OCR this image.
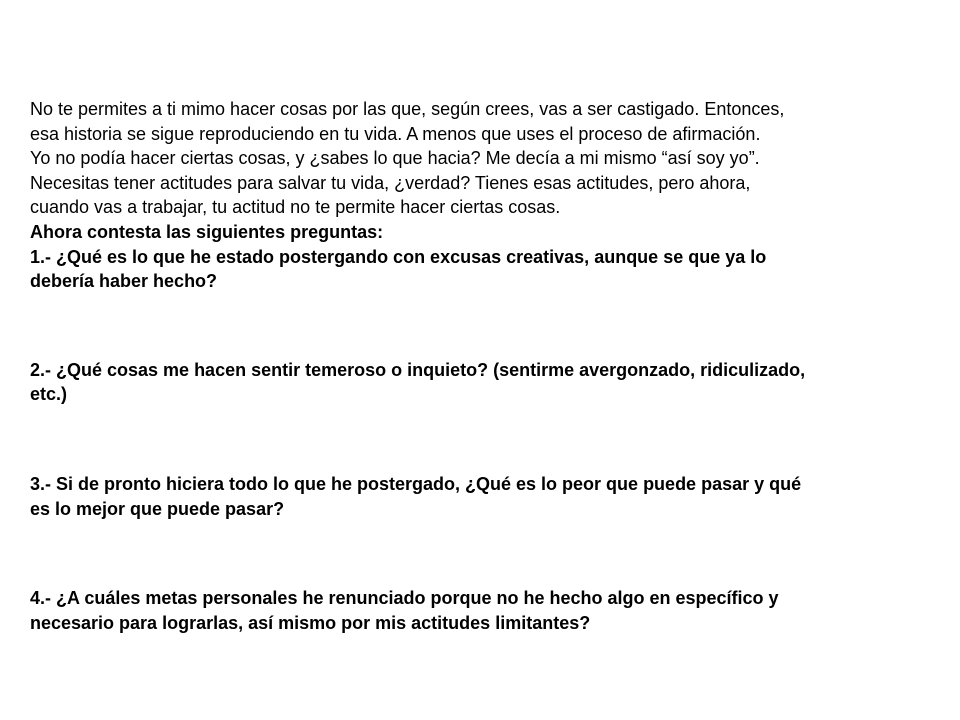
No te permites a ti mimo hacer cosas por las que, según crees, vas a ser castigado. Entonces,
esa historia se sigue reproduciendo en tu vida. A menos que uses el proceso de afirmación.
Yo no podía hacer ciertas cosas, y ¿sabes lo que hacia? Me decía a mi mismo “así soy yo”.
Necesitas tener actitudes para salvar tu vida, ¿verdad? Tienes esas actitudes, pero ahora,
cuando vas a trabajar, tu actitud no te permite hacer ciertas cosas.
Ahora contesta las siguientes preguntas:
1.- ¿Qué es lo que he estado postergando con excusas creativas, aunque se que ya lo
debería haber hecho?
2.- ¿Qué cosas me hacen sentir temeroso o inquieto? (sentirme avergonzado, ridiculizado,
etc.)
3.- Si de pronto hiciera todo lo que he postergado, ¿Qué es lo peor que puede pasar y qué
es lo mejor que puede pasar?
4.- ¿A cuáles metas personales he renunciado porque no he hecho algo en específico y
necesario para lograrlas, así mismo por mis actitudes limitantes?
